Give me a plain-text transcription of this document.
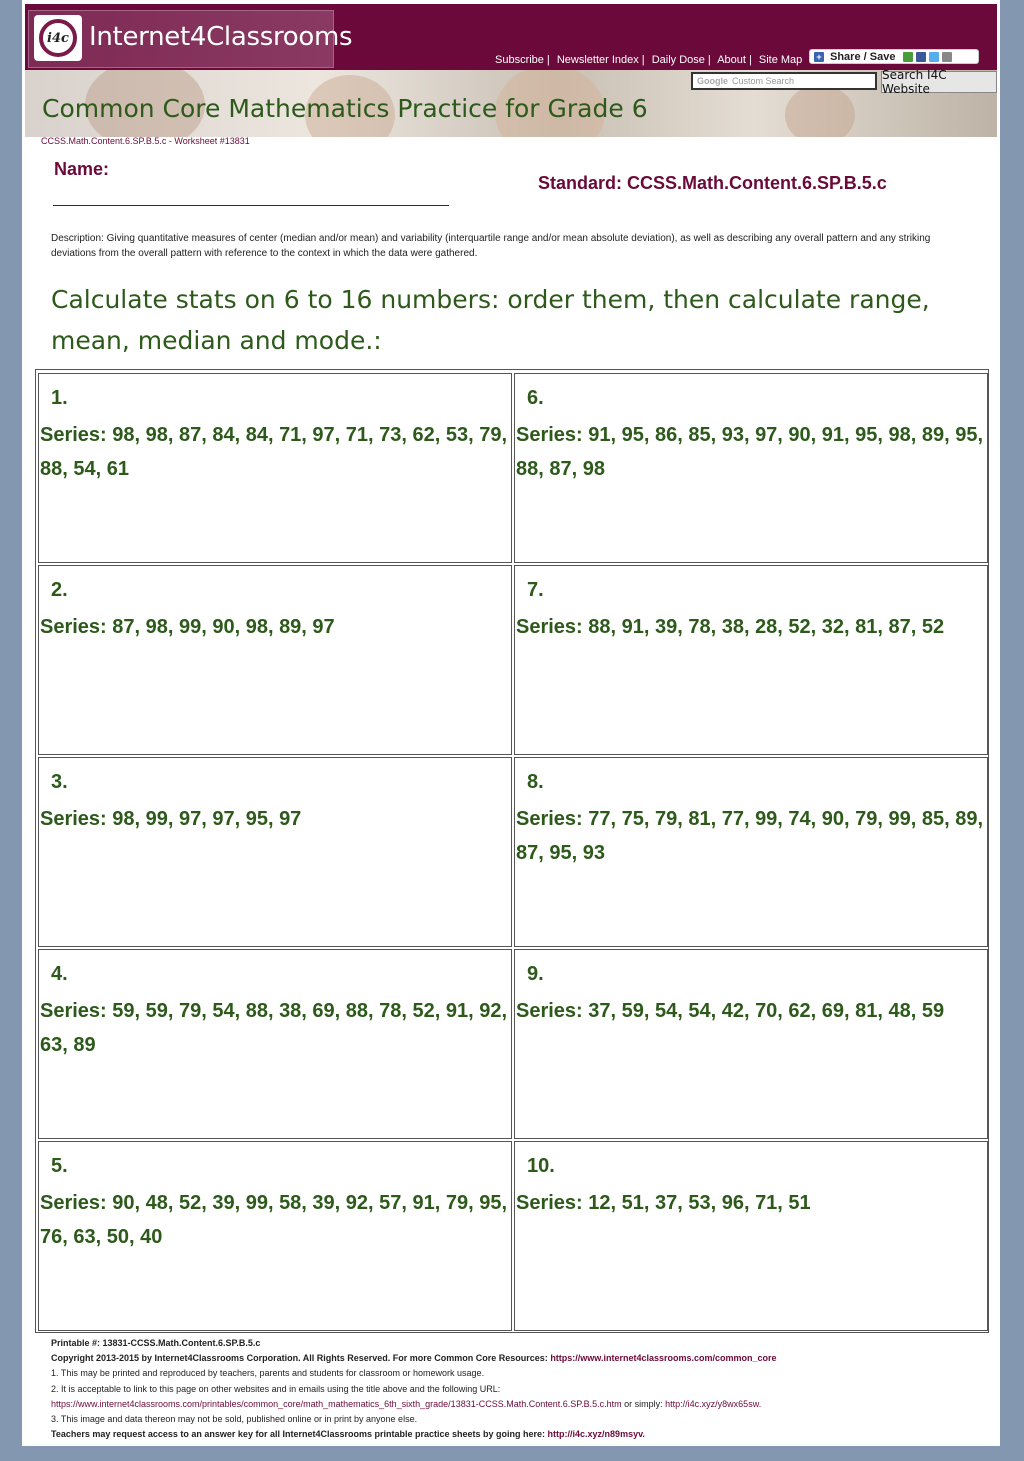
i4c Internet4Classrooms
Subscribe | Newsletter Index | Daily Dose | About | Site Map + Share / Save
Common Core Mathematics Practice for Grade 6
Google Custom Search	Search I4C Website
CCSS.Math.Content.6.SP.B.5.c - Worksheet #13831
Name:
Standard: CCSS.Math.Content.6.SP.B.5.c
Description: Giving quantitative measures of center (median and/or mean) and variability (interquartile range and/or mean absolute deviation), as well as describing any overall pattern and any striking deviations from the overall pattern with reference to the context in which the data were gathered.
Calculate stats on 6 to 16 numbers: order them, then calculate range, mean, median and mode.:
1.
Series: 98, 98, 87, 84, 84, 71, 97, 71, 73, 62, 53, 79, 88, 54, 61
6.
Series: 91, 95, 86, 85, 93, 97, 90, 91, 95, 98, 89, 95, 88, 87, 98
2.
Series: 87, 98, 99, 90, 98, 89, 97
7.
Series: 88, 91, 39, 78, 38, 28, 52, 32, 81, 87, 52
3.
Series: 98, 99, 97, 97, 95, 97
8.
Series: 77, 75, 79, 81, 77, 99, 74, 90, 79, 99, 85, 89, 87, 95, 93
4.
Series: 59, 59, 79, 54, 88, 38, 69, 88, 78, 52, 91, 92, 63, 89
9.
Series: 37, 59, 54, 54, 42, 70, 62, 69, 81, 48, 59
5.
Series: 90, 48, 52, 39, 99, 58, 39, 92, 57, 91, 79, 95, 76, 63, 50, 40
10.
Series: 12, 51, 37, 53, 96, 71, 51
Printable #: 13831-CCSS.Math.Content.6.SP.B.5.c
Copyright 2013-2015 by Internet4Classrooms Corporation. All Rights Reserved. For more Common Core Resources: https://www.internet4classrooms.com/common_core
1. This may be printed and reproduced by teachers, parents and students for classroom or homework usage.
2. It is acceptable to link to this page on other websites and in emails using the title above and the following URL:
https://www.internet4classrooms.com/printables/common_core/math_mathematics_6th_sixth_grade/13831-CCSS.Math.Content.6.SP.B.5.c.htm or simply: http://i4c.xyz/y8wx65sw.
3. This image and data thereon may not be sold, published online or in print by anyone else.
Teachers may request access to an answer key for all Internet4Classrooms printable practice sheets by going here: http://i4c.xyz/n89msyv.
